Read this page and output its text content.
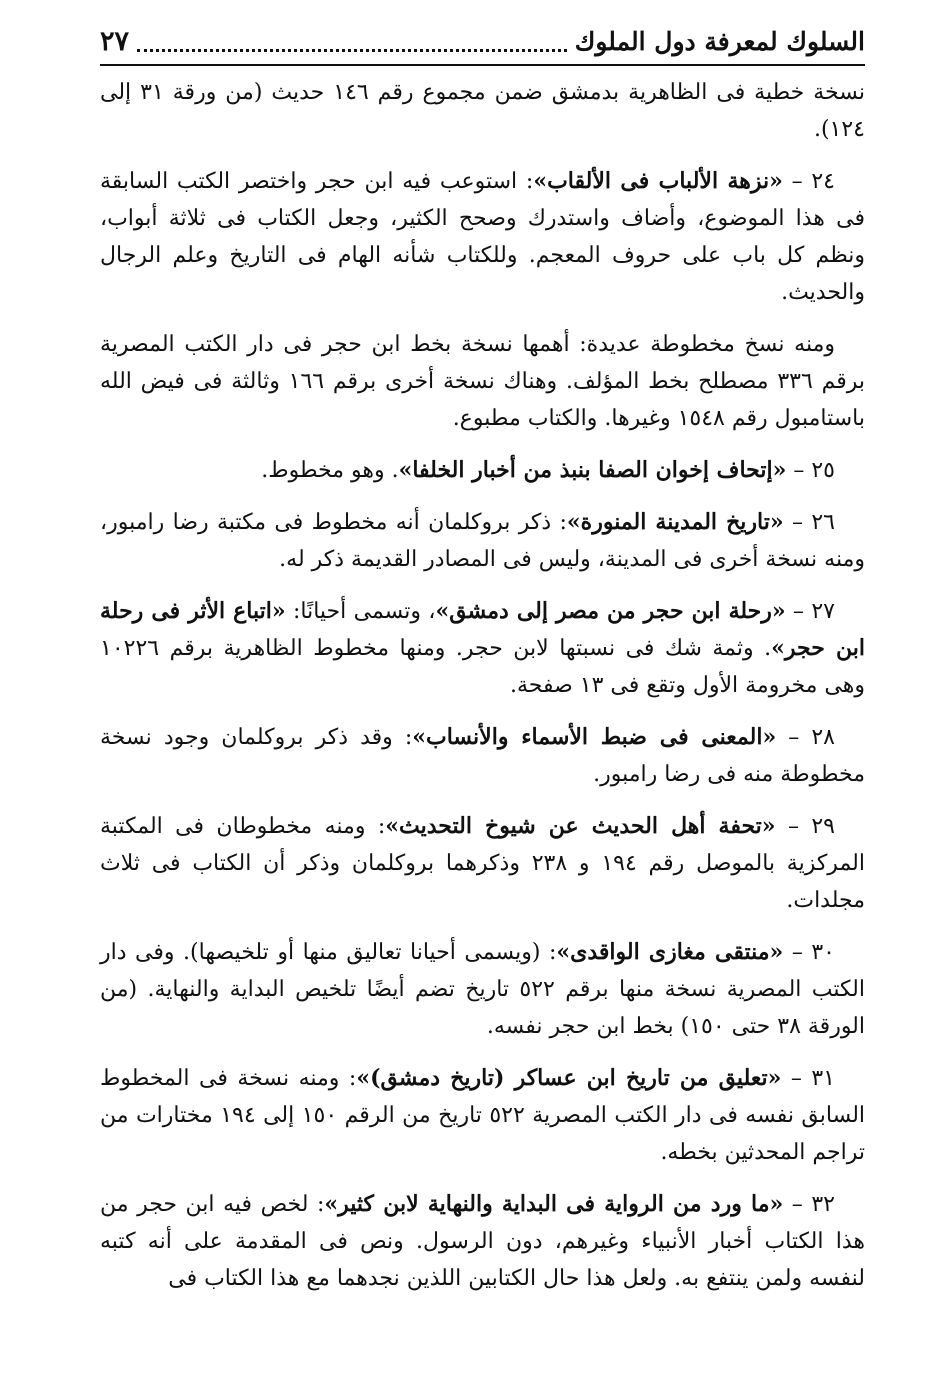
السلوك لمعرفة دول الملوك
٢٧

نسخة خطية فى الظاهرية بدمشق ضمن مجموع رقم ١٤٦ حديث (من ورقة ٣١ إلى ١٢٤).

٢٤ – «نزهة الألباب فى الألقاب»: استوعب فيه ابن حجر واختصر الكتب السابقة فى هذا الموضوع، وأضاف واستدرك وصحح الكثير، وجعل الكتاب فى ثلاثة أبواب، ونظم كل باب على حروف المعجم. وللكتاب شأنه الهام فى التاريخ وعلم الرجال والحديث.

ومنه نسخ مخطوطة عديدة: أهمها نسخة بخط ابن حجر فى دار الكتب المصرية برقم ٣٣٦ مصطلح بخط المؤلف. وهناك نسخة أخرى برقم ١٦٦ وثالثة فى فيض الله باستامبول رقم ١٥٤٨ وغيرها. والكتاب مطبوع.

٢٥ – «إتحاف إخوان الصفا بنبذ من أخبار الخلفا». وهو مخطوط.

٢٦ – «تاريخ المدينة المنورة»: ذكر بروكلمان أنه مخطوط فى مكتبة رضا رامبور، ومنه نسخة أخرى فى المدينة، وليس فى المصادر القديمة ذكر له.

٢٧ – «رحلة ابن حجر من مصر إلى دمشق»، وتسمى أحيانًا: «اتباع الأثر فى رحلة ابن حجر». وثمة شك فى نسبتها لابن حجر. ومنها مخطوط الظاهرية برقم ١٠٢٢٦ وهى مخرومة الأول وتقع فى ١٣ صفحة.

٢٨ – «المعنى فى ضبط الأسماء والأنساب»: وقد ذكر بروكلمان وجود نسخة مخطوطة منه فى رضا رامبور.

٢٩ – «تحفة أهل الحديث عن شيوخ التحديث»: ومنه مخطوطان فى المكتبة المركزية بالموصل رقم ١٩٤ و ٢٣٨ وذكرهما بروكلمان وذكر أن الكتاب فى ثلاث مجلدات.

٣٠ – «منتقى مغازى الواقدى»: (ويسمى أحيانا تعاليق منها أو تلخيصها). وفى دار الكتب المصرية نسخة منها برقم ٥٢٢ تاريخ تضم أيضًا تلخيص البداية والنهاية. (من الورقة ٣٨ حتى ١٥٠) بخط ابن حجر نفسه.

٣١ – «تعليق من تاريخ ابن عساكر (تاريخ دمشق)»: ومنه نسخة فى المخطوط السابق نفسه فى دار الكتب المصرية ٥٢٢ تاريخ من الرقم ١٥٠ إلى ١٩٤ مختارات من تراجم المحدثين بخطه.

٣٢ – «ما ورد من الرواية فى البداية والنهاية لابن كثير»: لخص فيه ابن حجر من هذا الكتاب أخبار الأنبياء وغيرهم، دون الرسول. ونص فى المقدمة على أنه كتبه لنفسه ولمن ينتفع به. ولعل هذا حال الكتابين اللذين نجدهما مع هذا الكتاب فى
